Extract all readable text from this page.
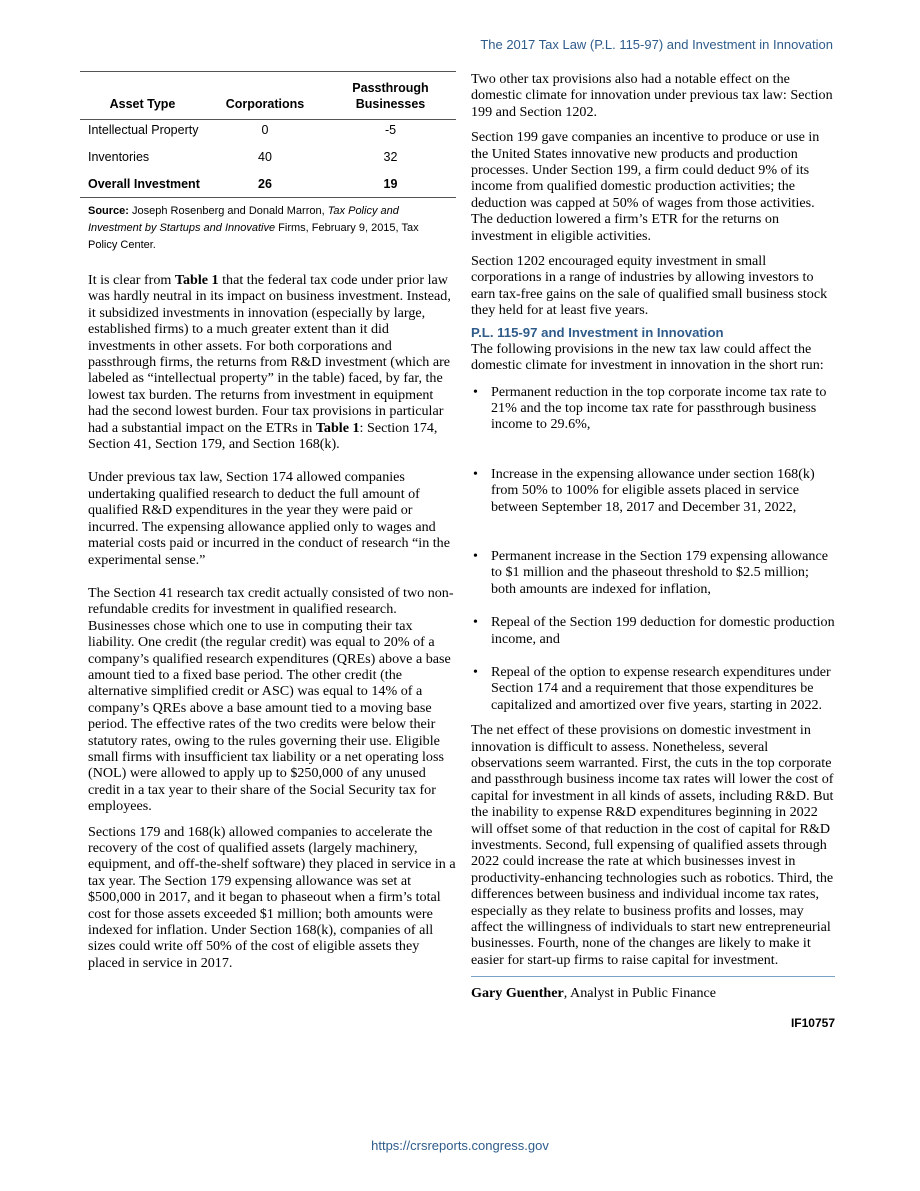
The 2017 Tax Law (P.L. 115-97) and Investment in Innovation
Asset Type	Corporations	Passthrough
Businesses
Intellectual Property	0	-5
Inventories	40	32
Overall Investment	26	19
Source: Joseph Rosenberg and Donald Marron, Tax Policy and Investment by Startups and Innovative Firms, February 9, 2015, Tax Policy Center.

It is clear from Table 1 that the federal tax code under prior law was hardly neutral in its impact on business investment. Instead, it subsidized investments in innovation (especially by large, established firms) to a much greater extent than it did investments in other assets. For both corporations and passthrough firms, the returns from R&D investment (which are labeled as “intellectual property” in the table) faced, by far, the lowest tax burden. The returns from investment in equipment had the second lowest burden. Four tax provisions in particular had a substantial impact on the ETRs in Table 1: Section 174, Section 41, Section 179, and Section 168(k).

Under previous tax law, Section 174 allowed companies undertaking qualified research to deduct the full amount of qualified R&D expenditures in the year they were paid or incurred. The expensing allowance applied only to wages and material costs paid or incurred in the conduct of research “in the experimental sense.”

The Section 41 research tax credit actually consisted of two non-refundable credits for investment in qualified research. Businesses chose which one to use in computing their tax liability. One credit (the regular credit) was equal to 20% of a company’s qualified research expenditures (QREs) above a base amount tied to a fixed base period. The other credit (the alternative simplified credit or ASC) was equal to 14% of a company’s QREs above a base amount tied to a moving base period. The effective rates of the two credits were below their statutory rates, owing to the rules governing their use. Eligible small firms with insufficient tax liability or a net operating loss (NOL) were allowed to apply up to $250,000 of any unused credit in a tax year to their share of the Social Security tax for employees.

Sections 179 and 168(k) allowed companies to accelerate the recovery of the cost of qualified assets (largely machinery, equipment, and off-the-shelf software) they placed in service in a tax year. The Section 179 expensing allowance was set at $500,000 in 2017, and it began to phaseout when a firm’s total cost for those assets exceeded $1 million; both amounts were indexed for inflation. Under Section 168(k), companies of all sizes could write off 50% of the cost of eligible assets they placed in service in 2017.

Two other tax provisions also had a notable effect on the domestic climate for innovation under previous tax law: Section 199 and Section 1202.

Section 199 gave companies an incentive to produce or use in the United States innovative new products and production processes. Under Section 199, a firm could deduct 9% of its income from qualified domestic production activities; the deduction was capped at 50% of wages from those activities. The deduction lowered a firm’s ETR for the returns on investment in eligible activities.

Section 1202 encouraged equity investment in small corporations in a range of industries by allowing investors to earn tax-free gains on the sale of qualified small business stock they held for at least five years.

P.L. 115-97 and Investment in Innovation

The following provisions in the new tax law could affect the domestic climate for investment in innovation in the short run:

• Permanent reduction in the top corporate income tax rate to 21% and the top income tax rate for passthrough business income to 29.6%,
• Increase in the expensing allowance under section 168(k) from 50% to 100% for eligible assets placed in service between September 18, 2017 and December 31, 2022,
• Permanent increase in the Section 179 expensing allowance to $1 million and the phaseout threshold to $2.5 million; both amounts are indexed for inflation,
• Repeal of the Section 199 deduction for domestic production income, and
• Repeal of the option to expense research expenditures under Section 174 and a requirement that those expenditures be capitalized and amortized over five years, starting in 2022.

The net effect of these provisions on domestic investment in innovation is difficult to assess. Nonetheless, several observations seem warranted. First, the cuts in the top corporate and passthrough business income tax rates will lower the cost of capital for investment in all kinds of assets, including R&D. But the inability to expense R&D expenditures beginning in 2022 will offset some of that reduction in the cost of capital for R&D investments. Second, full expensing of qualified assets through 2022 could increase the rate at which businesses invest in productivity-enhancing technologies such as robotics. Third, the differences between business and individual income tax rates, especially as they relate to business profits and losses, may affect the willingness of individuals to start new entrepreneurial businesses. Fourth, none of the changes are likely to make it easier for start-up firms to raise capital for investment.

Gary Guenther, Analyst in Public Finance

IF10757
https://crsreports.congress.gov
